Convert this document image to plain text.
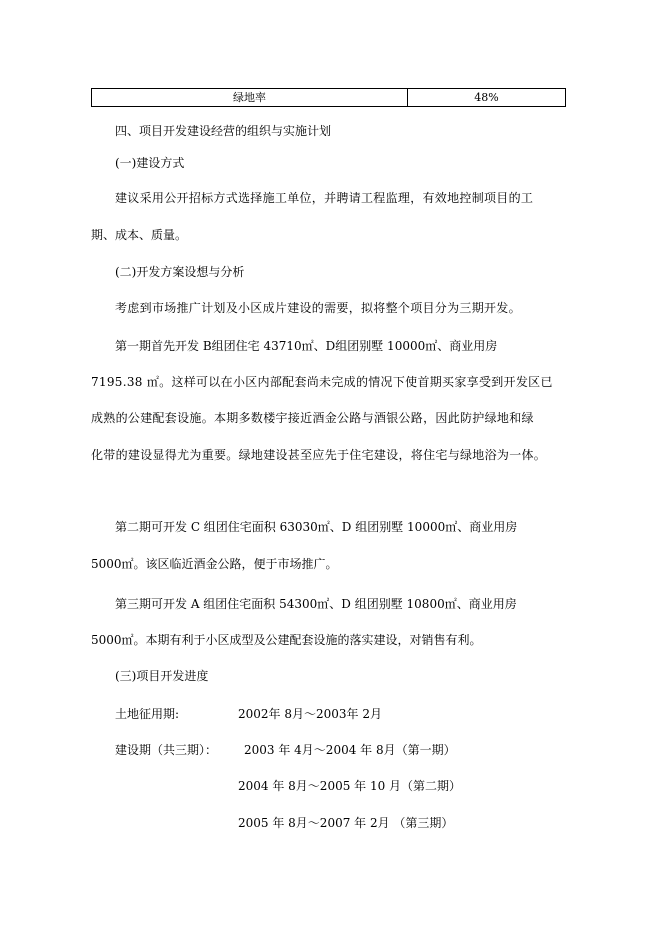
绿地率	48%
四、项目开发建设经营的组织与实施计划
(一)建设方式
建议采用公开招标方式选择施工单位，并聘请工程监理，有效地控制项目的工
期、成本、质量。
(二)开发方案设想与分析
考虑到市场推广计划及小区成片建设的需要，拟将整个项目分为三期开发。
第一期首先开发 B组团住宅 43710㎡、D组团别墅 10000㎡、商业用房
7195.38 ㎡。这样可以在小区内部配套尚未完成的情况下使首期买家享受到开发区已
成熟的公建配套设施。本期多数楼宇接近酒金公路与酒银公路，因此防护绿地和绿
化带的建设显得尤为重要。绿地建设甚至应先于住宅建设，将住宅与绿地浴为一体。
第二期可开发 C 组团住宅面积 63030㎡、D 组团别墅 10000㎡、商业用房
5000㎡。该区临近酒金公路，便于市场推广。
第三期可开发 A 组团住宅面积 54300㎡、D 组团别墅 10800㎡、商业用房
5000㎡。本期有利于小区成型及公建配套设施的落实建设，对销售有利。
(三)项目开发进度
土地征用期:	2002年 8月～2003年 2月
建设期（共三期）： 2003 年 4月～2004 年 8月（第一期）
2004 年 8月～2005 年 10 月（第二期）
2005 年 8月～2007 年 2月 （第三期）
